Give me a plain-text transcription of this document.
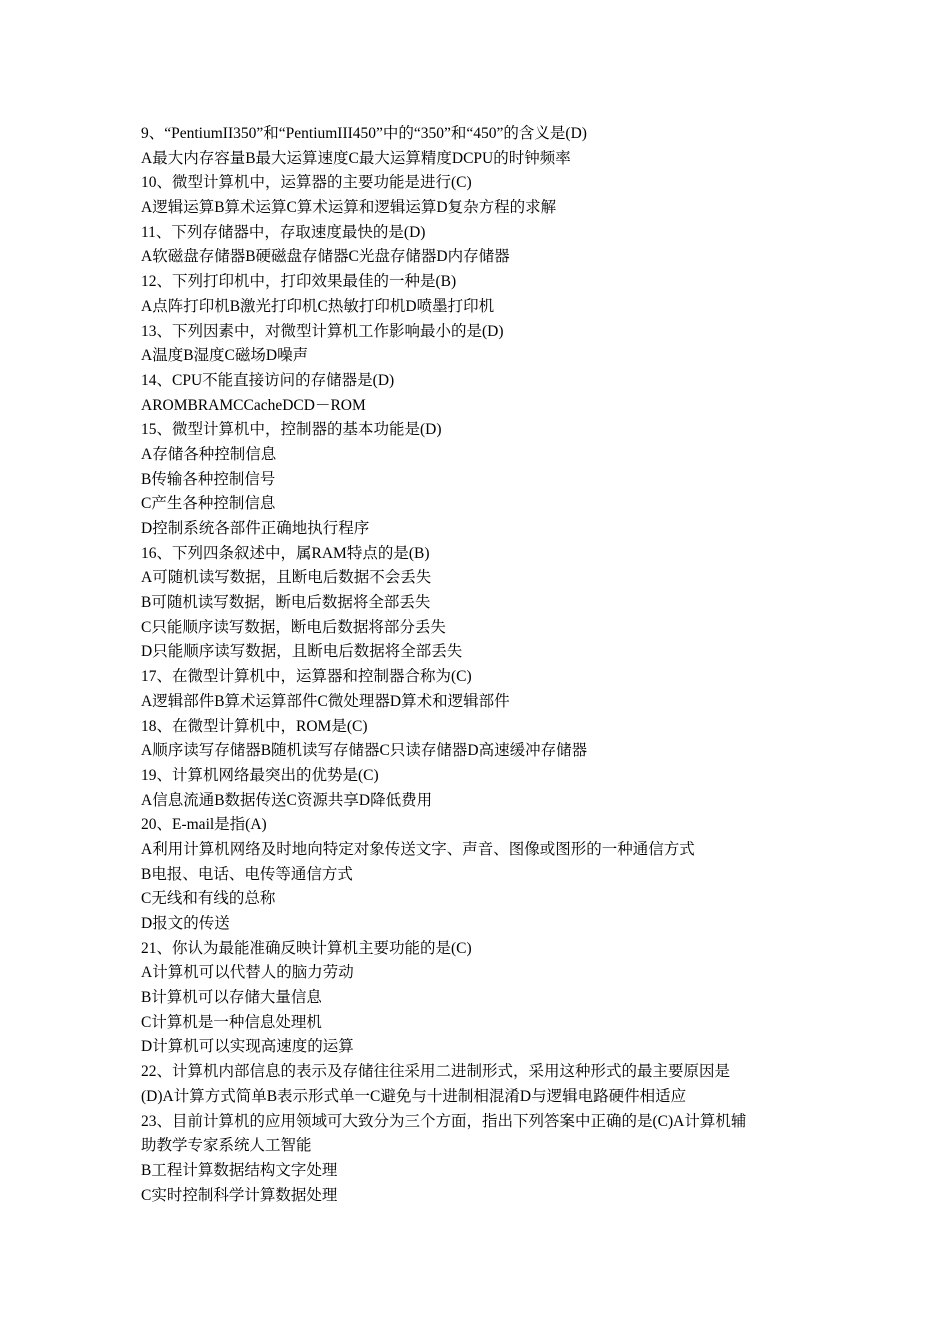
9、“PentiumII350”和“PentiumIII450”中的“350”和“450”的含义是(D)
A最大内存容量B最大运算速度C最大运算精度DCPU的时钟频率
10、微型计算机中，运算器的主要功能是进行(C)
A逻辑运算B算术运算C算术运算和逻辑运算D复杂方程的求解
11、下列存储器中，存取速度最快的是(D)
A软磁盘存储器B硬磁盘存储器C光盘存储器D内存储器
12、下列打印机中，打印效果最佳的一种是(B)
A点阵打印机B激光打印机C热敏打印机D喷墨打印机
13、下列因素中，对微型计算机工作影响最小的是(D)
A温度B湿度C磁场D噪声
14、CPU不能直接访问的存储器是(D)
AROMBRAMCCacheDCD－ROM
15、微型计算机中，控制器的基本功能是(D)
A存储各种控制信息
B传输各种控制信号
C产生各种控制信息
D控制系统各部件正确地执行程序
16、下列四条叙述中，属RAM特点的是(B)
A可随机读写数据，且断电后数据不会丢失
B可随机读写数据，断电后数据将全部丢失
C只能顺序读写数据，断电后数据将部分丢失
D只能顺序读写数据，且断电后数据将全部丢失
17、在微型计算机中，运算器和控制器合称为(C)
A逻辑部件B算术运算部件C微处理器D算术和逻辑部件
18、在微型计算机中，ROM是(C)
A顺序读写存储器B随机读写存储器C只读存储器D高速缓冲存储器
19、计算机网络最突出的优势是(C)
A信息流通B数据传送C资源共享D降低费用
20、E-mail是指(A)
A利用计算机网络及时地向特定对象传送文字、声音、图像或图形的一种通信方式
B电报、电话、电传等通信方式
C无线和有线的总称
D报文的传送
21、你认为最能准确反映计算机主要功能的是(C)
A计算机可以代替人的脑力劳动
B计算机可以存储大量信息
C计算机是一种信息处理机
D计算机可以实现高速度的运算
22、计算机内部信息的表示及存储往往采用二进制形式，采用这种形式的最主要原因是
(D)A计算方式简单B表示形式单一C避免与十进制相混淆D与逻辑电路硬件相适应
23、目前计算机的应用领域可大致分为三个方面，指出下列答案中正确的是(C)A计算机辅
助教学专家系统人工智能
B工程计算数据结构文字处理
C实时控制科学计算数据处理
